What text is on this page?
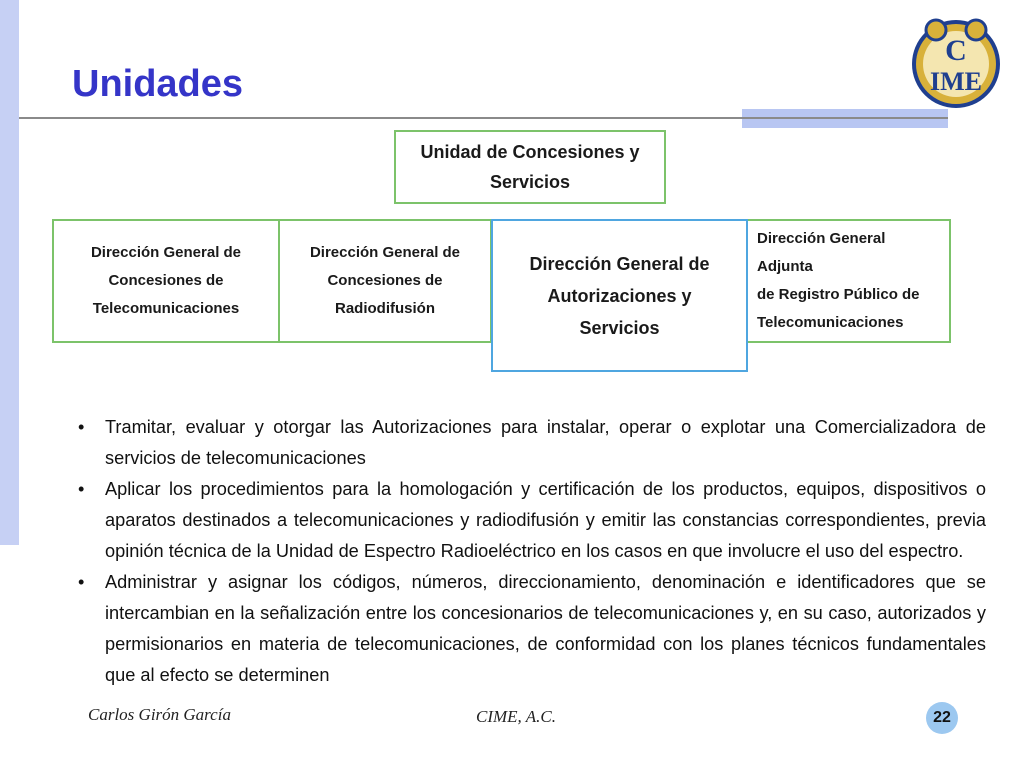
Unidades
C
IME
Unidad de Concesiones y
Servicios
Dirección General de
Concesiones de
Telecomunicaciones
Dirección General de
Concesiones de
Radiodifusión
Dirección General Adjunta
de Registro Público de
Telecomunicaciones
Dirección General de
Autorizaciones y Servicios
• Tramitar, evaluar y otorgar las Autorizaciones para instalar, operar o explotar una Comercializadora de servicios de telecomunicaciones
• Aplicar los procedimientos para la homologación y certificación de los productos, equipos, dispositivos o aparatos destinados a telecomunicaciones y radiodifusión y emitir las constancias correspondientes, previa opinión técnica de la Unidad de Espectro Radioeléctrico en los casos en que involucre el uso del espectro.
• Administrar y asignar los códigos, números, direccionamiento, denominación e identificadores que se intercambian en la señalización entre los concesionarios de telecomunicaciones y, en su caso, autorizados y permisionarios en materia de telecomunicaciones, de conformidad con los planes técnicos fundamentales que al efecto se determinen
Carlos Girón García	CIME, A.C.	22
